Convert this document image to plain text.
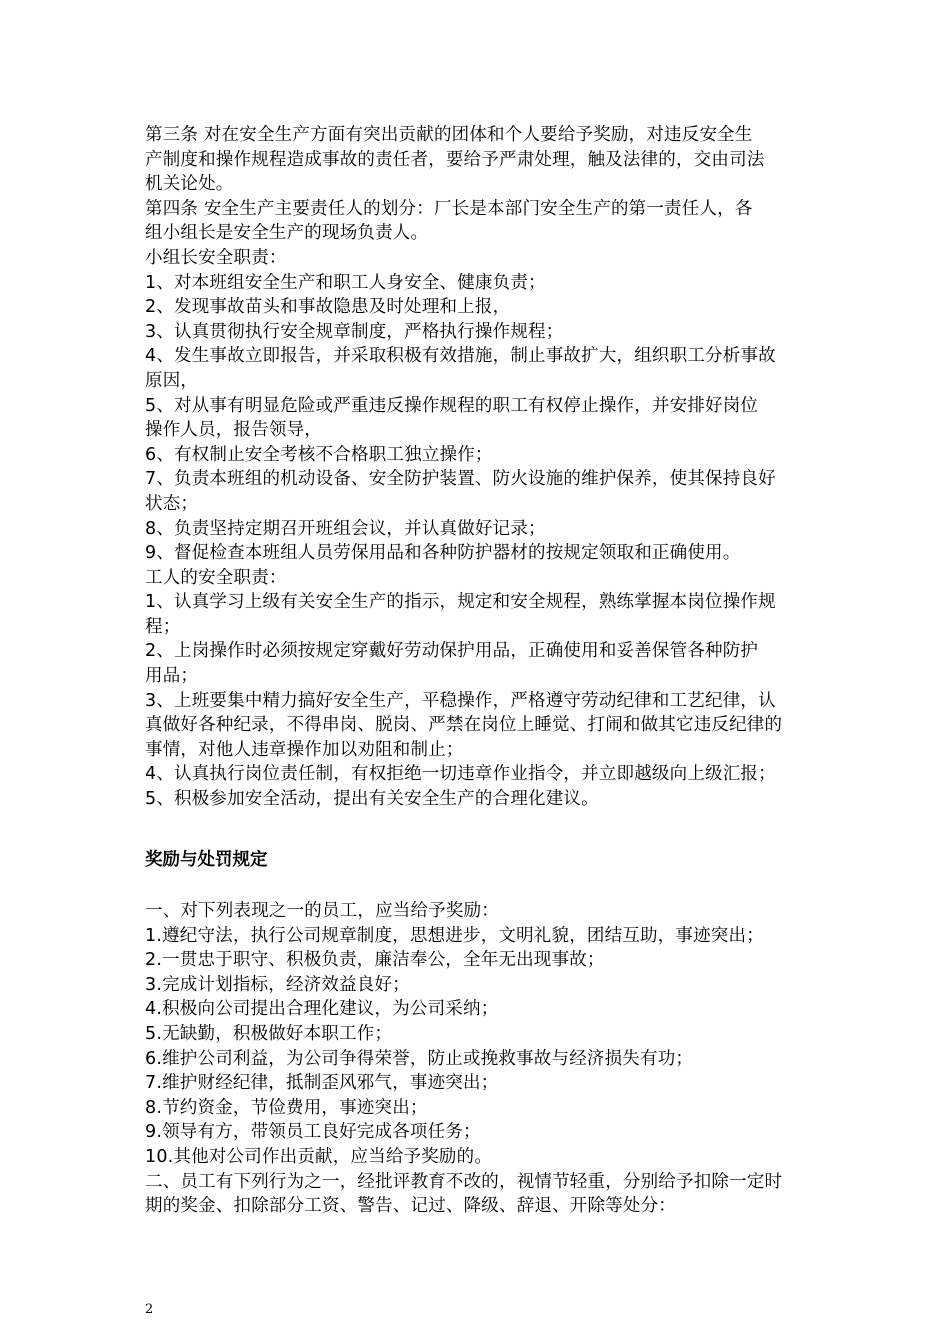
第三条 对在安全生产方面有突出贡献的团体和个人要给予奖励，对违反安全生
产制度和操作规程造成事故的责任者，要给予严肃处理，触及法律的，交由司法
机关论处。
第四条 安全生产主要责任人的划分：厂长是本部门安全生产的第一责任人，各
组小组长是安全生产的现场负责人。
小组长安全职责：
1、对本班组安全生产和职工人身安全、健康负责；
2、发现事故苗头和事故隐患及时处理和上报，
3、认真贯彻执行安全规章制度，严格执行操作规程；
4、发生事故立即报告，并采取积极有效措施，制止事故扩大，组织职工分析事故
原因，
5、对从事有明显危险或严重违反操作规程的职工有权停止操作，并安排好岗位
操作人员，报告领导，
6、有权制止安全考核不合格职工独立操作；
7、负责本班组的机动设备、安全防护装置、防火设施的维护保养，使其保持良好
状态；
8、负责坚持定期召开班组会议，并认真做好记录；
9、督促检查本班组人员劳保用品和各种防护器材的按规定领取和正确使用。
工人的安全职责：
1、认真学习上级有关安全生产的指示，规定和安全规程，熟练掌握本岗位操作规
程；
2、上岗操作时必须按规定穿戴好劳动保护用品，正确使用和妥善保管各种防护
用品；
3、上班要集中精力搞好安全生产，平稳操作，严格遵守劳动纪律和工艺纪律，认
真做好各种纪录，不得串岗、脱岗、严禁在岗位上睡觉、打闹和做其它违反纪律的
事情，对他人违章操作加以劝阻和制止；
4、认真执行岗位责任制，有权拒绝一切违章作业指令，并立即越级向上级汇报；
5、积极参加安全活动，提出有关安全生产的合理化建议。
奖励与处罚规定
一、对下列表现之一的员工，应当给予奖励：
1.遵纪守法，执行公司规章制度，思想进步，文明礼貌，团结互助，事迹突出；
2.一贯忠于职守、积极负责，廉洁奉公，全年无出现事故；
3.完成计划指标，经济效益良好；
4.积极向公司提出合理化建议，为公司采纳；
5.无缺勤，积极做好本职工作；
6.维护公司利益，为公司争得荣誉，防止或挽救事故与经济损失有功；
7.维护财经纪律，抵制歪风邪气，事迹突出；
8.节约资金，节俭费用，事迹突出；
9.领导有方，带领员工良好完成各项任务；
10.其他对公司作出贡献，应当给予奖励的。
二、员工有下列行为之一，经批评教育不改的，视情节轻重，分别给予扣除一定时
期的奖金、扣除部分工资、警告、记过、降级、辞退、开除等处分：
2
